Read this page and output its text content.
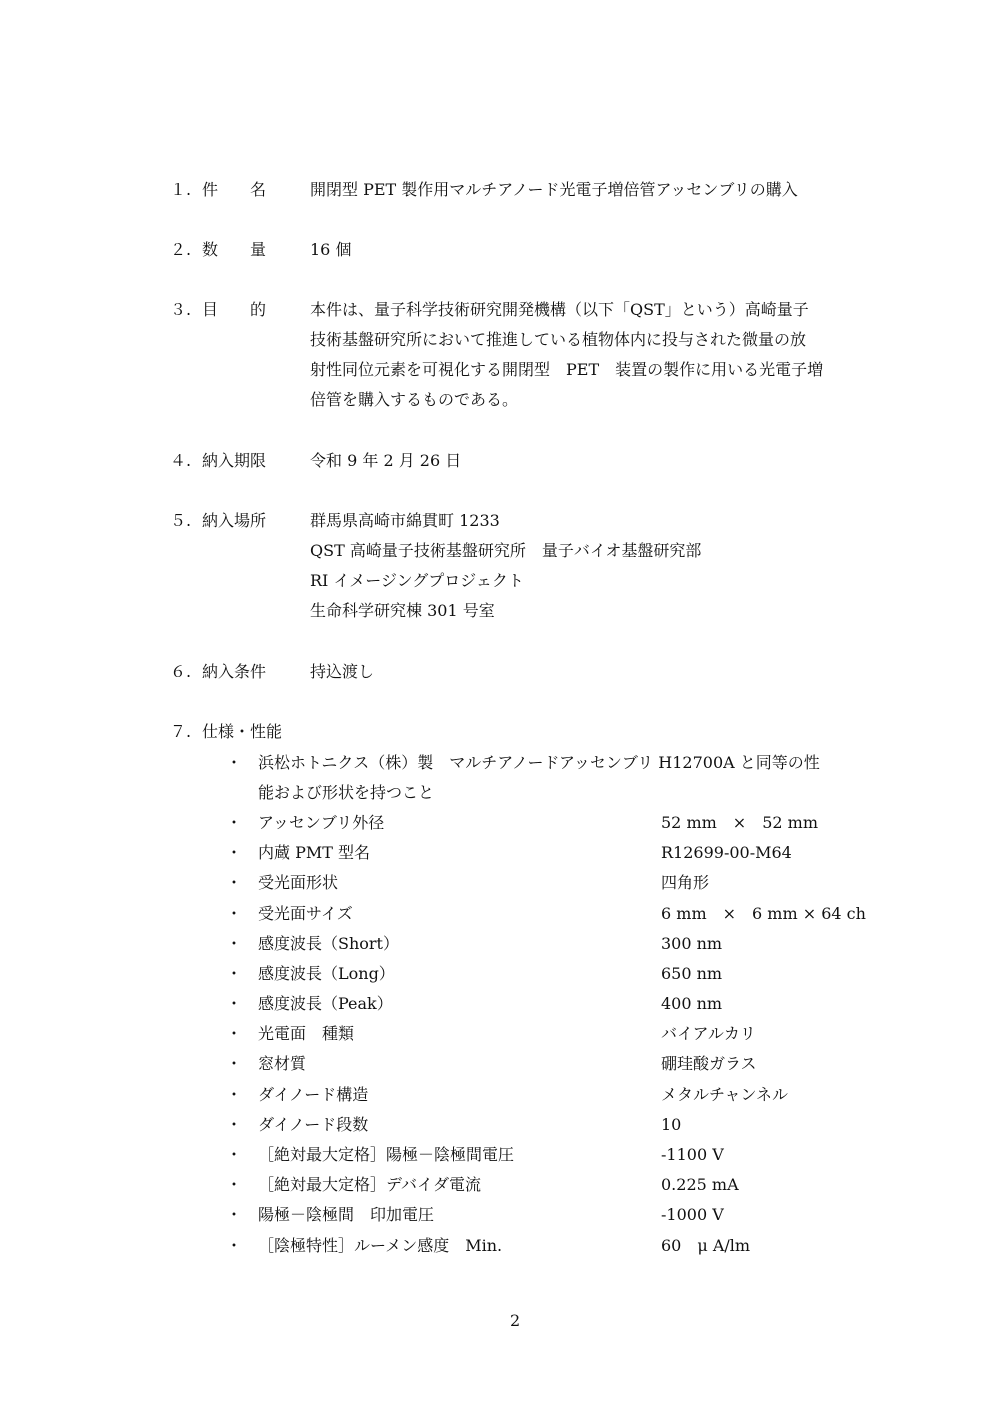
１. 件　　名	開閉型 PET 製作用マルチアノード光電子増倍管アッセンブリの購入
２. 数　　量	16 個
３. 目　　的	本件は、量子科学技術研究開発機構（以下「QST」という）高崎量子
技術基盤研究所において推進している植物体内に投与された微量の放
射性同位元素を可視化する開閉型　PET　装置の製作に用いる光電子増
倍管を購入するものである。
４. 納入期限	令和 9 年 2 月 26 日
５. 納入場所	群馬県高崎市綿貫町 1233
QST 高崎量子技術基盤研究所　量子バイオ基盤研究部
RI イメージングプロジェクト
生命科学研究棟 301 号室
６. 納入条件	持込渡し
７. 仕様・性能
・ 浜松ホトニクス（株）製　マルチアノードアッセンブリ H12700A と同等の性
能および形状を持つこと
・ アッセンブリ外径	52 mm　×　52 mm
・ 内蔵 PMT 型名	R12699-00-M64
・ 受光面形状	四角形
・ 受光面サイズ	6 mm　×　6 mm × 64 ch
・ 感度波長（Short）	300 nm
・ 感度波長（Long）	650 nm
・ 感度波長（Peak）	400 nm
・ 光電面　種類	バイアルカリ
・ 窓材質	硼珪酸ガラス
・ ダイノード構造	メタルチャンネル
・ ダイノード段数	10
・ ［絶対最大定格］陽極－陰極間電圧	-1100 V
・ ［絶対最大定格］デバイダ電流	0.225 mA
・ 陽極－陰極間　印加電圧	-1000 V
・ ［陰極特性］ルーメン感度　Min.	60　μ A/lm
2
